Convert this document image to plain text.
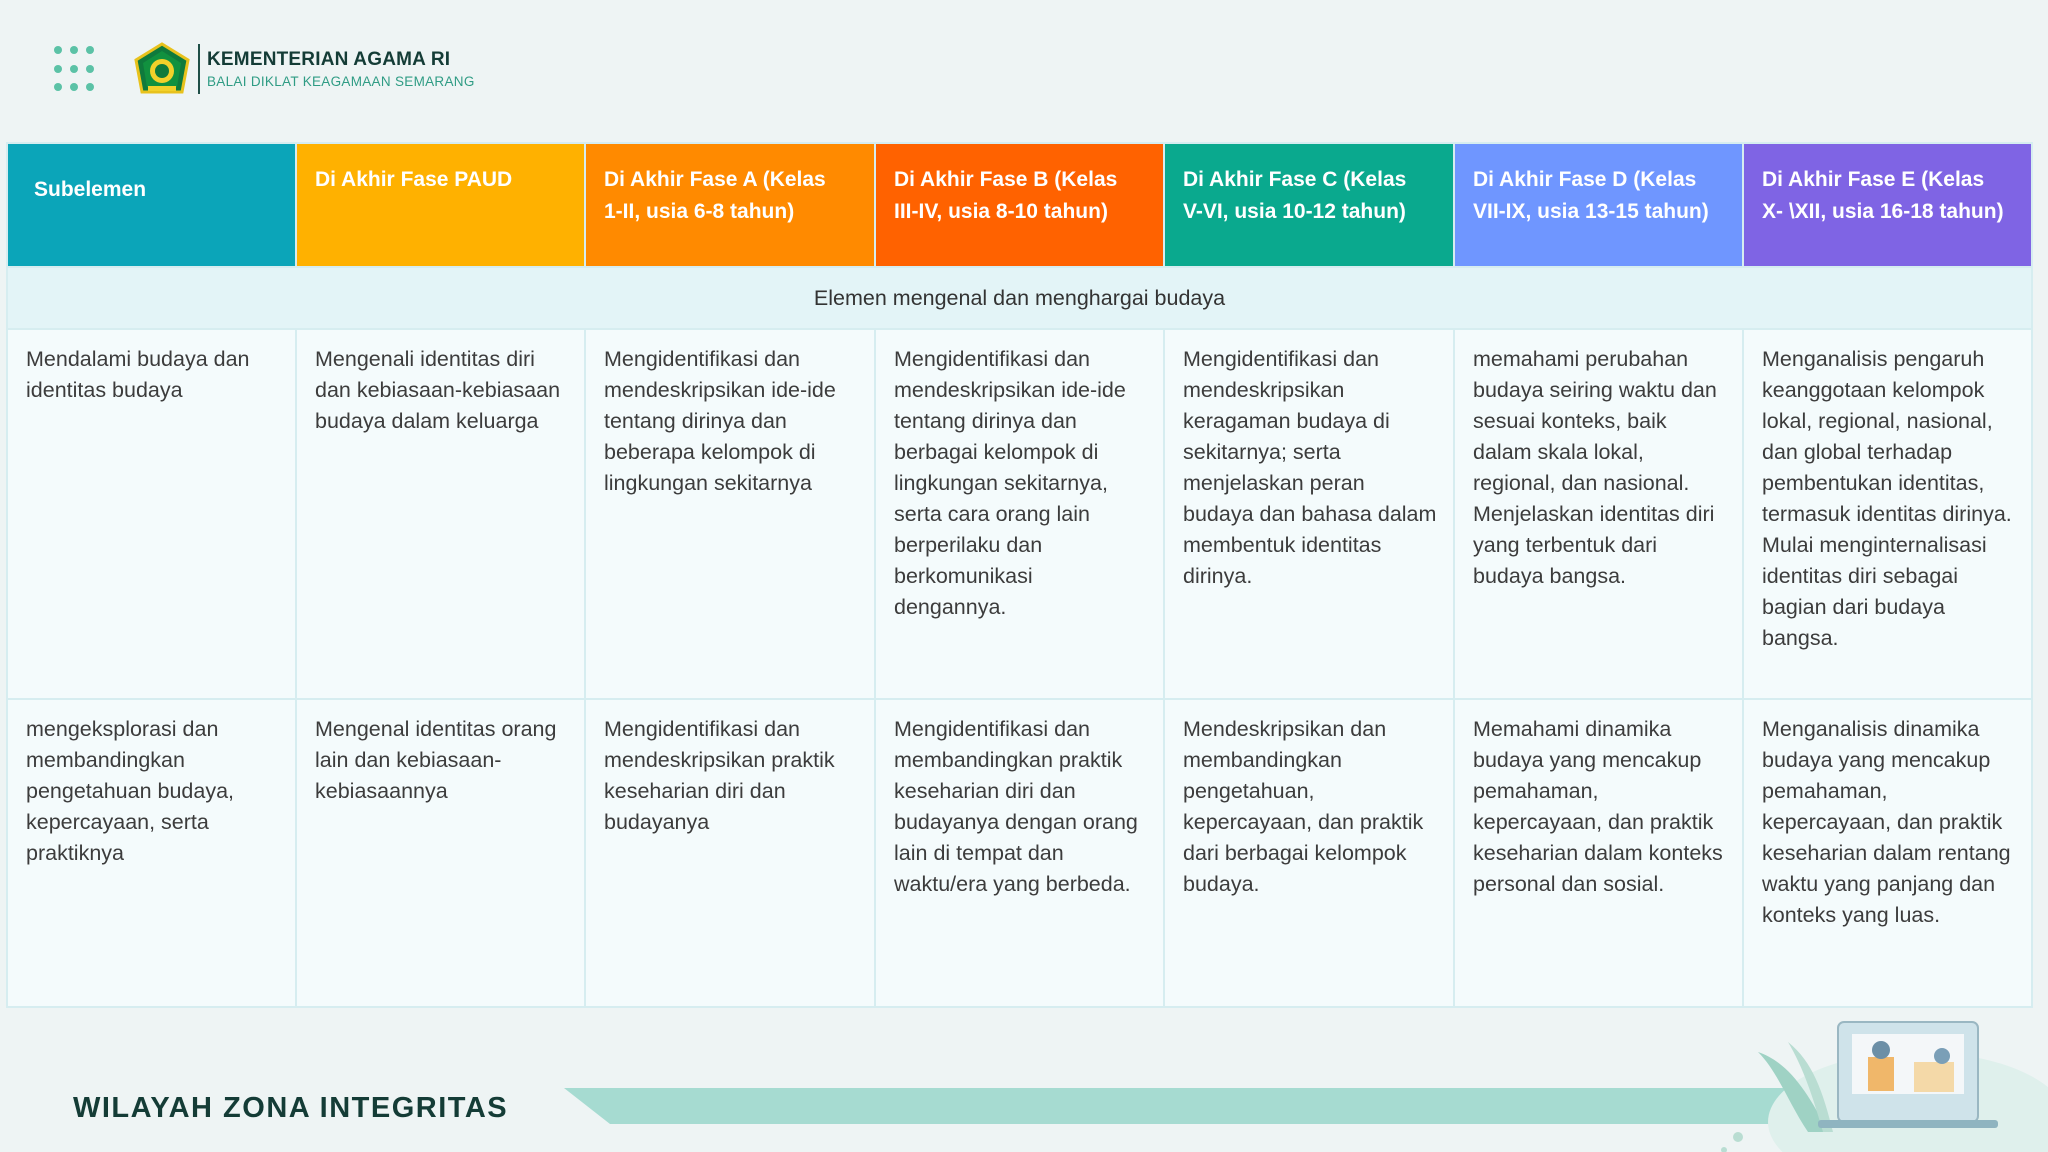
KEMENTERIAN AGAMA RI
BALAI DIKLAT KEAGAMAAN SEMARANG
Subelemen	Di Akhir Fase PAUD	Di Akhir Fase A (Kelas 1-II, usia 6-8 tahun)	Di Akhir Fase B (Kelas III-IV, usia 8-10 tahun)	Di Akhir Fase C (Kelas V-VI, usia 10-12 tahun)	Di Akhir Fase D (Kelas VII-IX, usia 13-15 tahun)	Di Akhir Fase E (Kelas X- \XII, usia 16-18 tahun)
Elemen mengenal dan menghargai budaya						
Mendalami budaya dan identitas budaya	Mengenali identitas diri dan kebiasaan-kebiasaan budaya dalam keluarga	Mengidentifikasi dan mendeskripsikan ide-ide tentang dirinya dan beberapa kelompok di lingkungan sekitarnya	Mengidentifikasi dan mendeskripsikan ide-ide tentang dirinya dan berbagai kelompok di lingkungan sekitarnya, serta cara orang lain berperilaku dan berkomunikasi dengannya.	Mengidentifikasi dan mendeskripsikan keragaman budaya di sekitarnya; serta menjelaskan peran budaya dan bahasa dalam membentuk identitas dirinya.	memahami perubahan budaya seiring waktu dan sesuai konteks, baik dalam skala lokal, regional, dan nasional. Menjelaskan identitas diri yang terbentuk dari budaya bangsa.	Menganalisis pengaruh keanggotaan kelompok lokal, regional, nasional, dan global terhadap pembentukan identitas, termasuk identitas dirinya. Mulai menginternalisasi identitas diri sebagai bagian dari budaya bangsa.
mengeksplorasi dan membandingkan pengetahuan budaya, kepercayaan, serta praktiknya	Mengenal identitas orang lain dan kebiasaan-kebiasaannya	Mengidentifikasi dan mendeskripsikan praktik keseharian diri dan budayanya	Mengidentifikasi dan membandingkan praktik keseharian diri dan budayanya dengan orang lain di tempat dan waktu/era yang berbeda.	Mendeskripsikan dan membandingkan pengetahuan, kepercayaan, dan praktik dari berbagai kelompok budaya.	Memahami dinamika budaya yang mencakup pemahaman, kepercayaan, dan praktik keseharian dalam konteks personal dan sosial.	Menganalisis dinamika budaya yang mencakup pemahaman, kepercayaan, dan praktik keseharian dalam rentang waktu yang panjang dan konteks yang luas.
WILAYAH ZONA INTEGRITAS
